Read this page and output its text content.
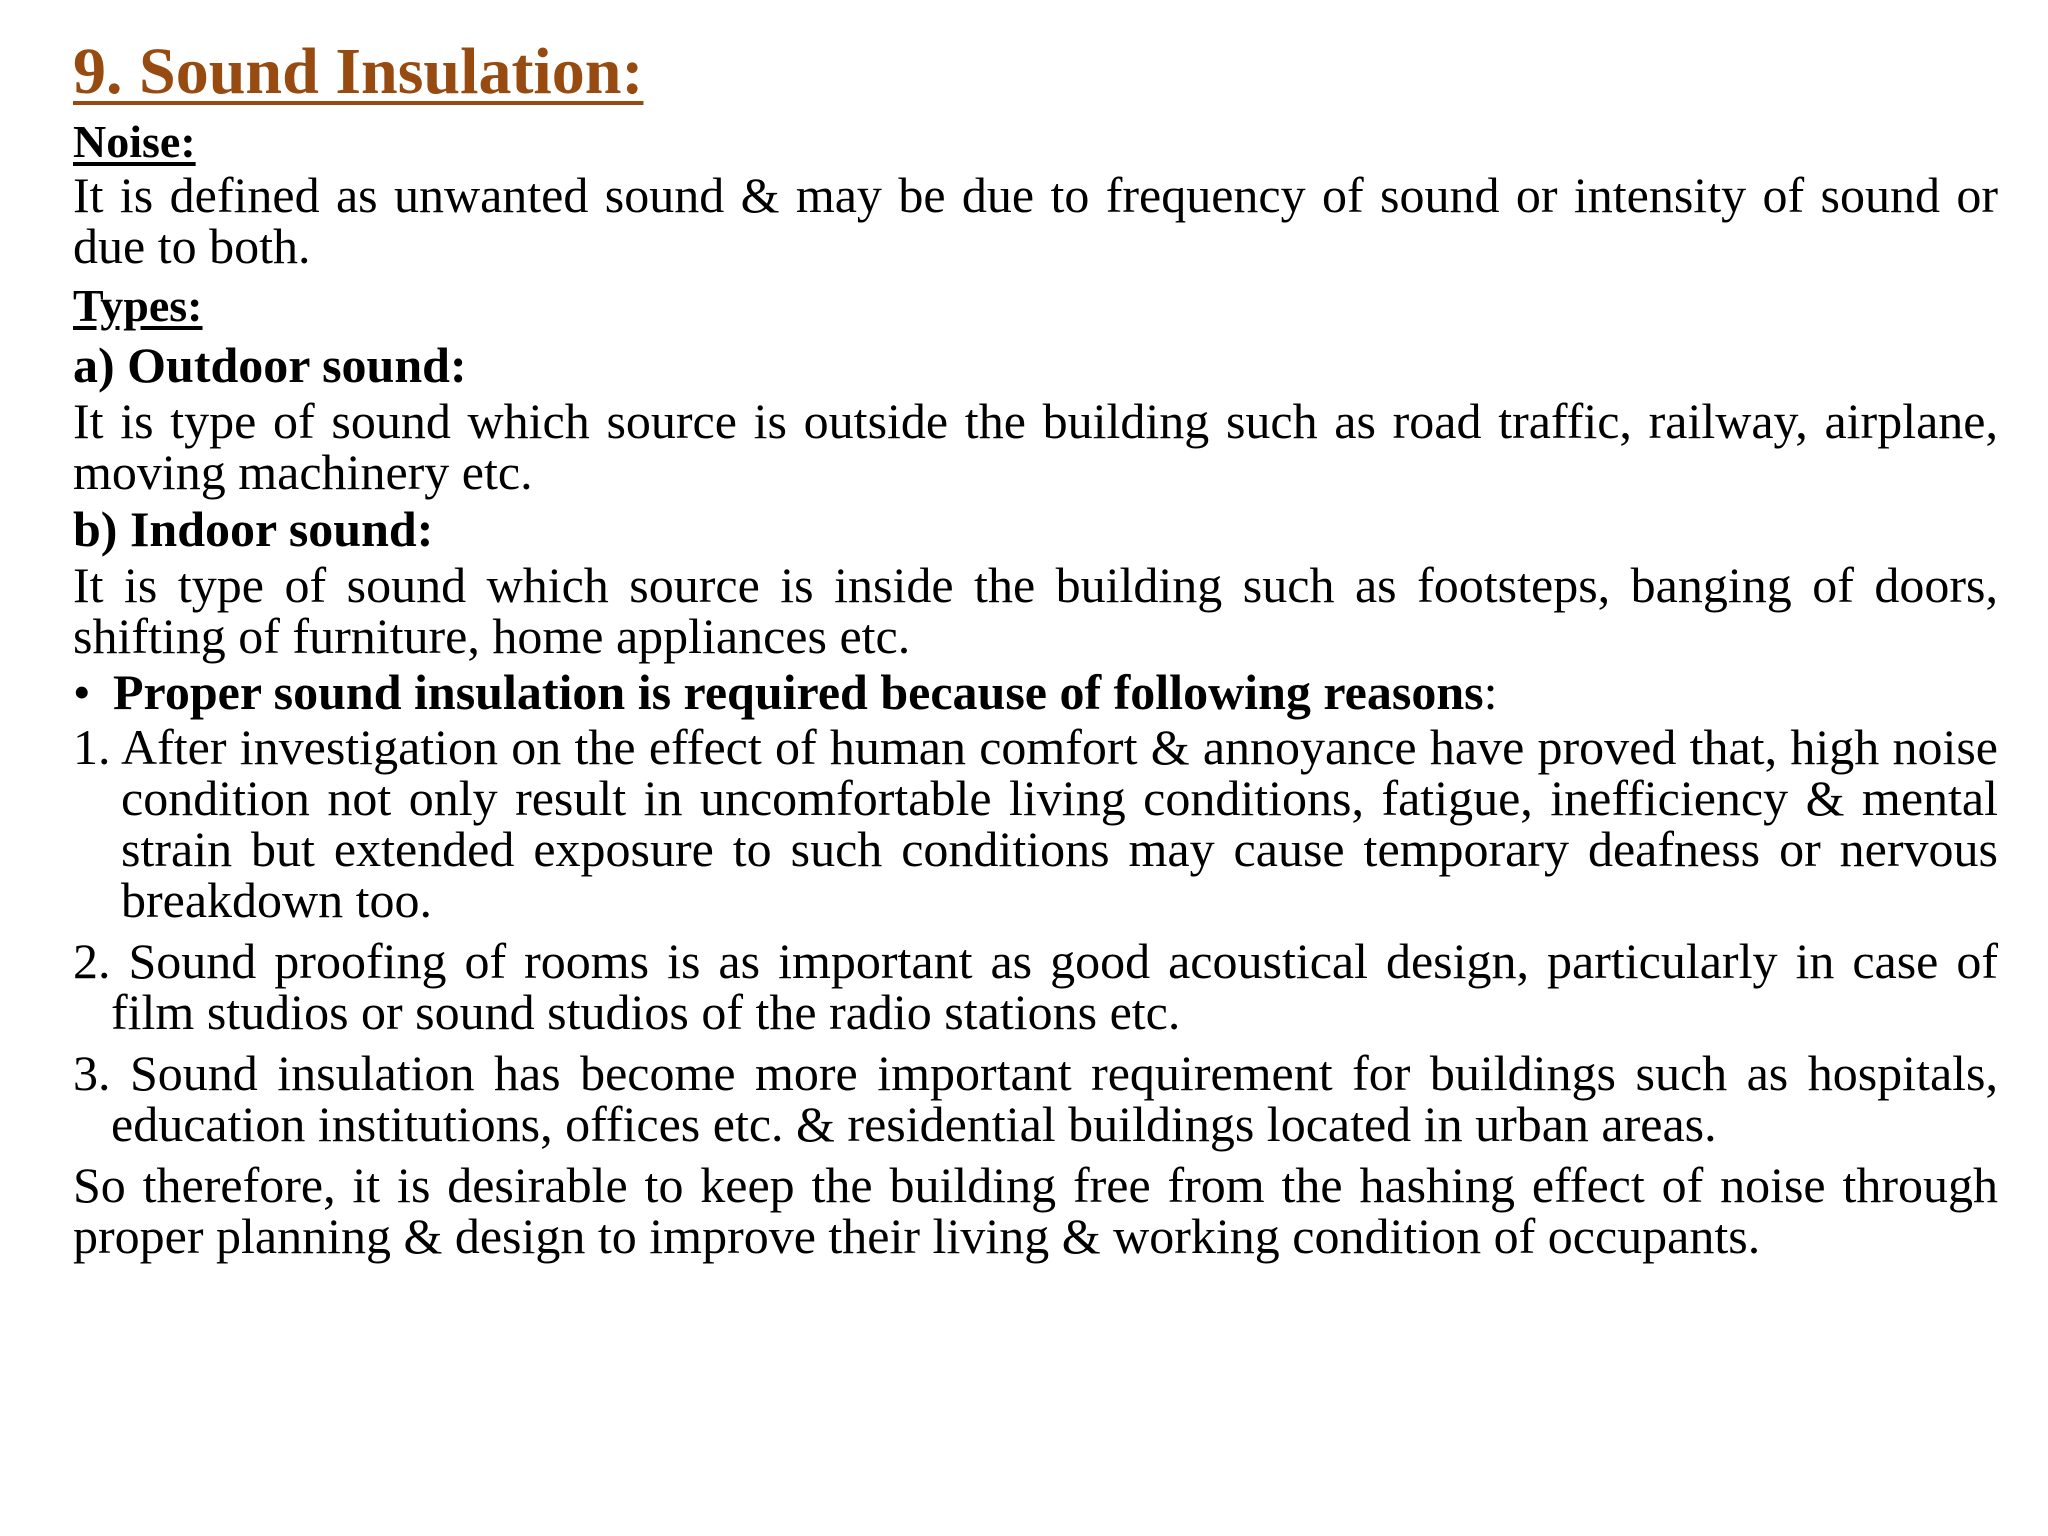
9. Sound Insulation:

Noise:

It is defined as unwanted sound & may be due to frequency of sound or intensity of sound or due to both.

Types:

a) Outdoor sound:

It is type of sound which source is outside the building such as road traffic, railway, airplane, moving machinery etc.

b) Indoor sound:

It is type of sound which source is inside the building such as footsteps, banging of doors, shifting of furniture, home appliances etc.

• Proper sound insulation is required because of following reasons:

1. After investigation on the effect of human comfort & annoyance have proved that, high noise condition not only result in uncomfortable living conditions, fatigue, inefficiency & mental strain but extended exposure to such conditions may cause temporary deafness or nervous breakdown too.

2. Sound proofing of rooms is as important as good acoustical design, particularly in case of film studios or sound studios of the radio stations etc.

3. Sound insulation has become more important requirement for buildings such as hospitals, education institutions, offices etc. & residential buildings located in urban areas.

So therefore, it is desirable to keep the building free from the hashing effect of noise through proper planning & design to improve their living & working condition of occupants.
